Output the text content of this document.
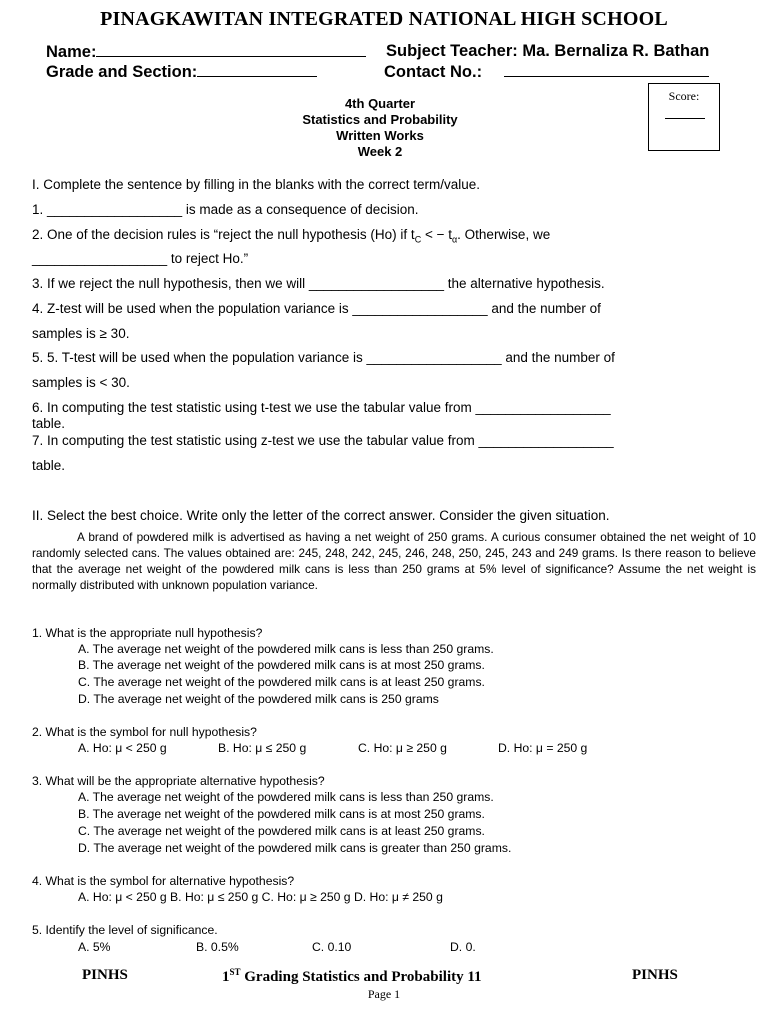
PINAGKAWITAN INTEGRATED NATIONAL HIGH SCHOOL
Name:	Subject Teacher: Ma. Bernaliza R. Bathan
Grade and Section:	Contact No.:
4th Quarter
Statistics and Probability
Written Works
Week 2
Score:
I. Complete the sentence by filling in the blanks with the correct term/value.
1. __________________ is made as a consequence of decision.
2. One of the decision rules is “reject the null hypothesis (Ho) if $t_C$ < − $t_\alpha$. Otherwise, we
__________________ to reject Ho.”
3. If we reject the null hypothesis, then we will __________________ the alternative hypothesis.
4. Z-test will be used when the population variance is __________________ and the number of
samples is ≥ 30.
5. 5. T-test will be used when the population variance is __________________ and the number of
samples is < 30.
6. In computing the test statistic using t-test we use the tabular value from __________________
table.
7. In computing the test statistic using z-test we use the tabular value from __________________
table.
II. Select the best choice. Write only the letter of the correct answer. Consider the given situation.
A brand of powdered milk is advertised as having a net weight of 250 grams. A curious consumer obtained the net weight of 10 randomly selected cans. The values obtained are: 245, 248, 242, 245, 246, 248, 250, 245, 243 and 249 grams. Is there reason to believe that the average net weight of the powdered milk cans is less than 250 grams at 5% level of significance? Assume the net weight is normally distributed with unknown population variance.
1. What is the appropriate null hypothesis?
A. The average net weight of the powdered milk cans is less than 250 grams.
B. The average net weight of the powdered milk cans is at most 250 grams.
C. The average net weight of the powdered milk cans is at least 250 grams.
D. The average net weight of the powdered milk cans is 250 grams
2. What is the symbol for null hypothesis?
A. Ho: μ < 250 g	B. Ho: μ ≤ 250 g	C. Ho: μ ≥ 250 g	D. Ho: μ = 250 g
3. What will be the appropriate alternative hypothesis?
A. The average net weight of the powdered milk cans is less than 250 grams.
B. The average net weight of the powdered milk cans is at most 250 grams.
C. The average net weight of the powdered milk cans is at least 250 grams.
D. The average net weight of the powdered milk cans is greater than 250 grams.
4. What is the symbol for alternative hypothesis?
A. Ho: μ < 250 g B. Ho: μ ≤ 250 g C. Ho: μ ≥ 250 g D. Ho: μ ≠ 250 g
5. Identify the level of significance.
A. 5%	B. 0.5%	C. 0.10	D. 0.
PINHS	1ST Grading Statistics and Probability 11	PINHS
Page 1
